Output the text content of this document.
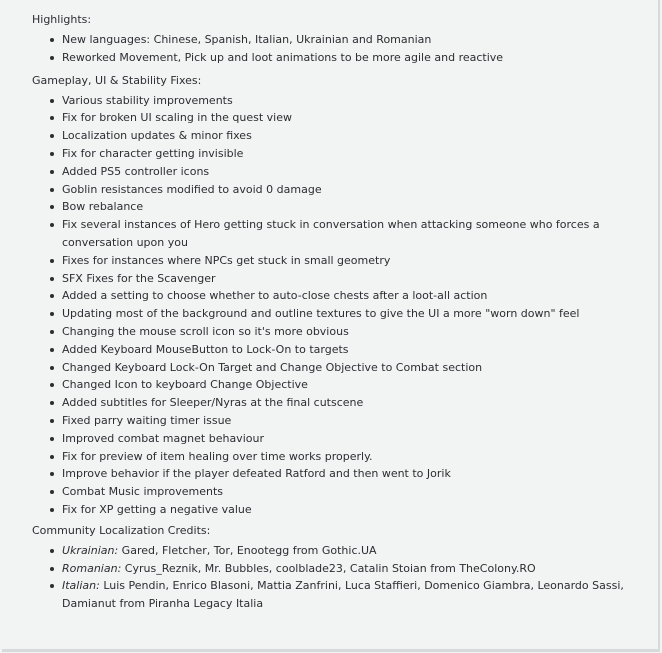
Highlights:

New languages: Chinese, Spanish, Italian, Ukrainian and Romanian
Reworked Movement, Pick up and loot animations to be more agile and reactive

Gameplay, UI & Stability Fixes:

Various stability improvements
Fix for broken UI scaling in the quest view
Localization updates & minor fixes
Fix for character getting invisible
Added PS5 controller icons
Goblin resistances modified to avoid 0 damage
Bow rebalance
Fix several instances of Hero getting stuck in conversation when attacking someone who forces a conversation upon you
Fixes for instances where NPCs get stuck in small geometry
SFX Fixes for the Scavenger
Added a setting to choose whether to auto-close chests after a loot-all action
Updating most of the background and outline textures to give the UI a more "worn down" feel
Changing the mouse scroll icon so it's more obvious
Added Keyboard MouseButton to Lock-On to targets
Changed Keyboard Lock-On Target and Change Objective to Combat section
Changed Icon to keyboard Change Objective
Added subtitles for Sleeper/Nyras at the final cutscene
Fixed parry waiting timer issue
Improved combat magnet behaviour
Fix for preview of item healing over time works properly.
Improve behavior if the player defeated Ratford and then went to Jorik
Combat Music improvements
Fix for XP getting a negative value

Community Localization Credits:

Ukrainian: Gared, Fletcher, Tor, Enootegg from Gothic.UA
Romanian: Cyrus_Reznik, Mr. Bubbles, coolblade23, Catalin Stoian from TheColony.RO
Italian: Luis Pendin, Enrico Blasoni, Mattia Zanfrini, Luca Staffieri, Domenico Giambra, Leonardo Sassi, Damianut from Piranha Legacy Italia
